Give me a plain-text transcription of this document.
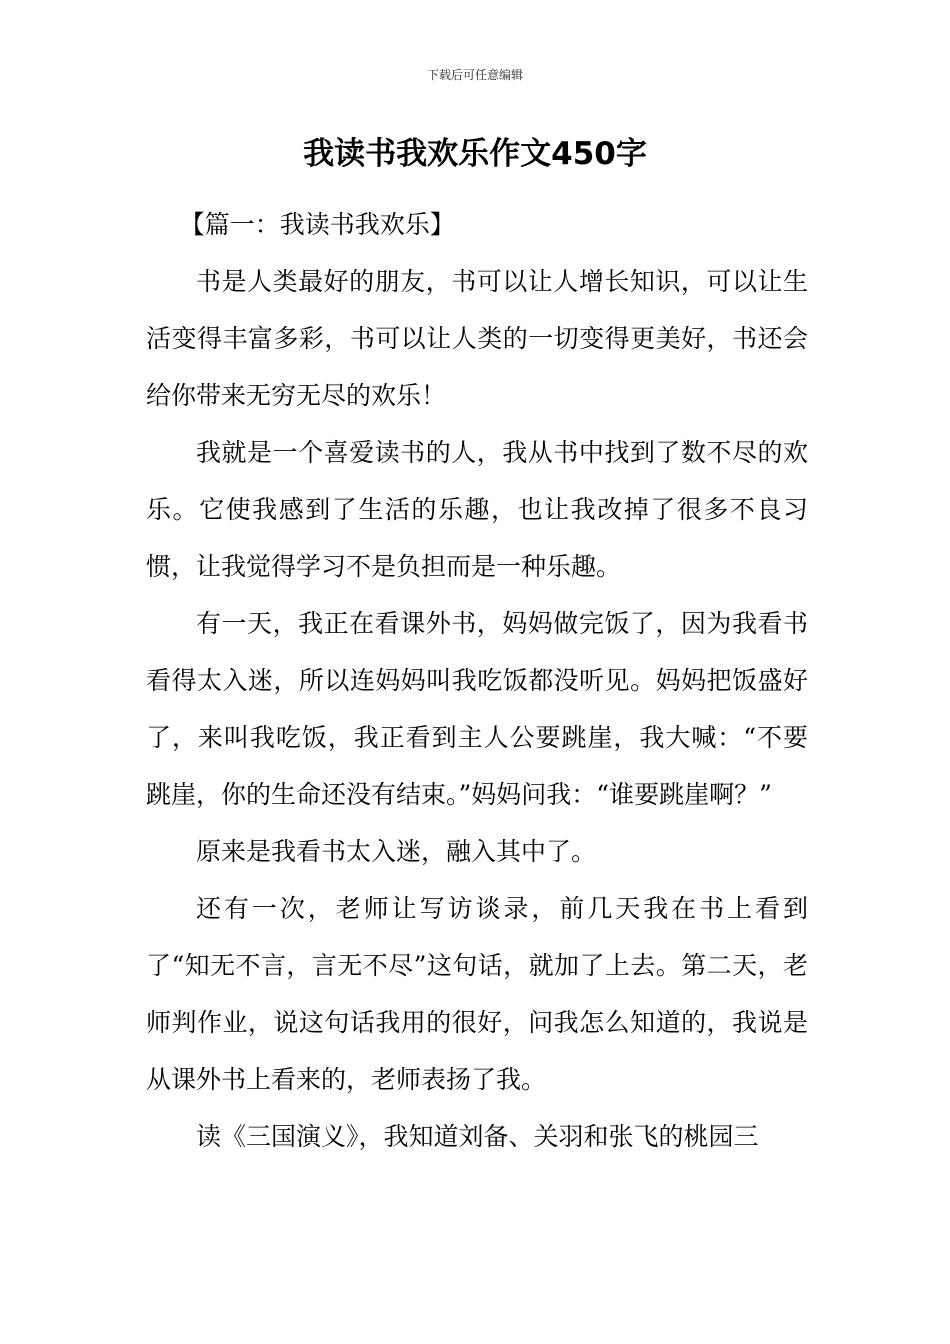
下载后可任意编辑
我读书我欢乐作文450字

【篇一：我读书我欢乐】

书是人类最好的朋友，书可以让人增长知识，可以让生活变得丰富多彩，书可以让人类的一切变得更美好，书还会给你带来无穷无尽的欢乐！

我就是一个喜爱读书的人，我从书中找到了数不尽的欢乐。它使我感到了生活的乐趣，也让我改掉了很多不良习惯，让我觉得学习不是负担而是一种乐趣。

有一天，我正在看课外书，妈妈做完饭了，因为我看书看得太入迷，所以连妈妈叫我吃饭都没听见。妈妈把饭盛好了，来叫我吃饭，我正看到主人公要跳崖，我大喊：“不要跳崖，你的生命还没有结束。”妈妈问我：“谁要跳崖啊？”

原来是我看书太入迷，融入其中了。

还有一次，老师让写访谈录，前几天我在书上看到了“知无不言，言无不尽”这句话，就加了上去。第二天，老师判作业，说这句话我用的很好，问我怎么知道的，我说是从课外书上看来的，老师表扬了我。

读《三国演义》，我知道刘备、关羽和张飞的桃园三
